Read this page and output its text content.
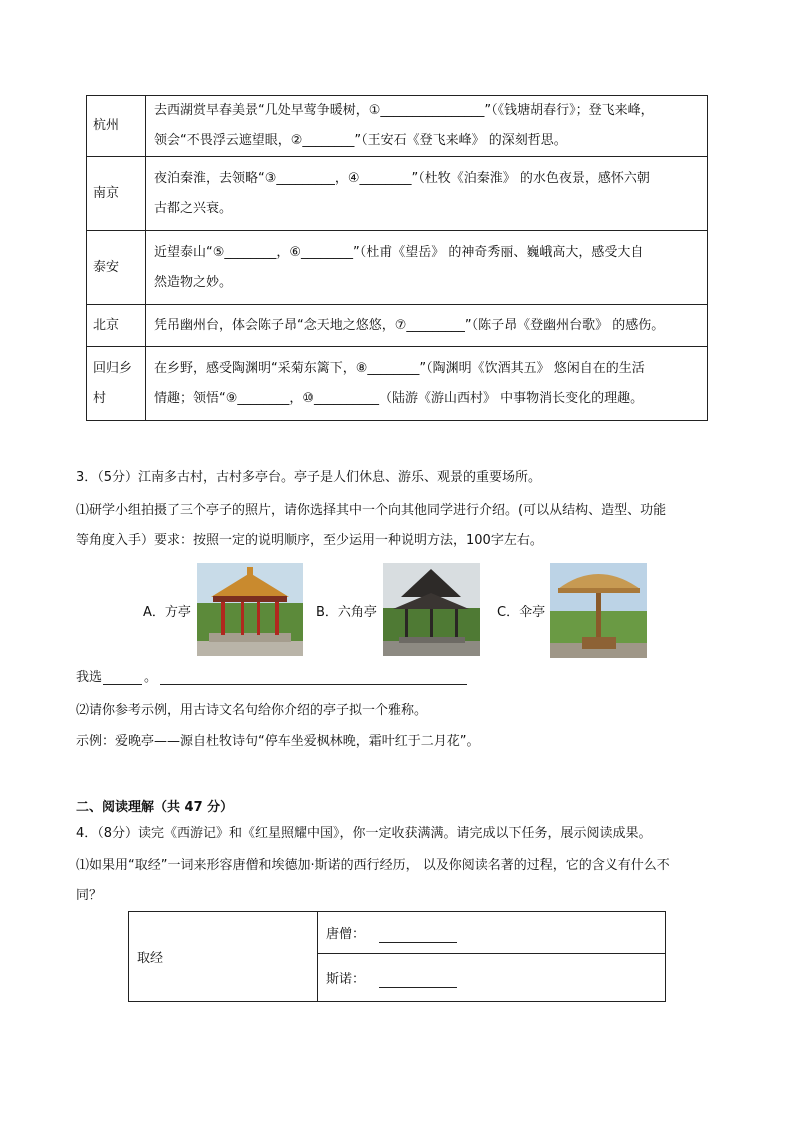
杭州	去西湖赏早春美景“几处早莺争暖树，①________________”（《钱塘胡春行》；登飞来峰，
领会“不畏浮云遮望眼，②________”（王安石《登飞来峰》 的深刻哲思。

南京	夜泊秦淮，去领略“③_________，④________”（杜牧《泊秦淮》 的水色夜景，感怀六朝
古都之兴衰。

泰安	近望泰山“⑤________，⑥________”（杜甫《望岳》 的神奇秀丽、巍峨高大，感受大自
然造物之妙。

北京	凭吊幽州台，体会陈子昂“念天地之悠悠，⑦_________”（陈子昂《登幽州台歌》 的感伤。

回归乡村	在乡野，感受陶渊明“采菊东篱下，⑧________”（陶渊明《饮酒其五》 悠闲自在的生活
情趣；领悟“⑨________，⑩__________（陆游《游山西村》 中事物消长变化的理趣。
3．（5分）江南多古村，古村多亭台。亭子是人们休息、游乐、观景的重要场所。
⑴研学小组拍摄了三个亭子的照片，请你选择其中一个向其他同学进行介绍。(可以从结构、造型、功能
等角度入手）要求：按照一定的说明顺序，至少运用一种说明方法，100字左右。
A．方亭	B．六角亭	C．伞亭
我选	。
⑵请你参考示例，用古诗文名句给你介绍的亭子拟一个雅称。
示例：爱晚亭——源自杜牧诗句“停车坐爱枫林晚，霜叶红于二月花”。
二、阅读理解（共 47 分）
4．（8分）读完《西游记》和《红星照耀中国》，你一定收获满满。请完成以下任务，展示阅读成果。
⑴如果用“取经”一词来形容唐僧和埃德加·斯诺的西行经历， 以及你阅读名著的过程，它的含义有什么不
同？
取经	唐僧：
斯诺：
